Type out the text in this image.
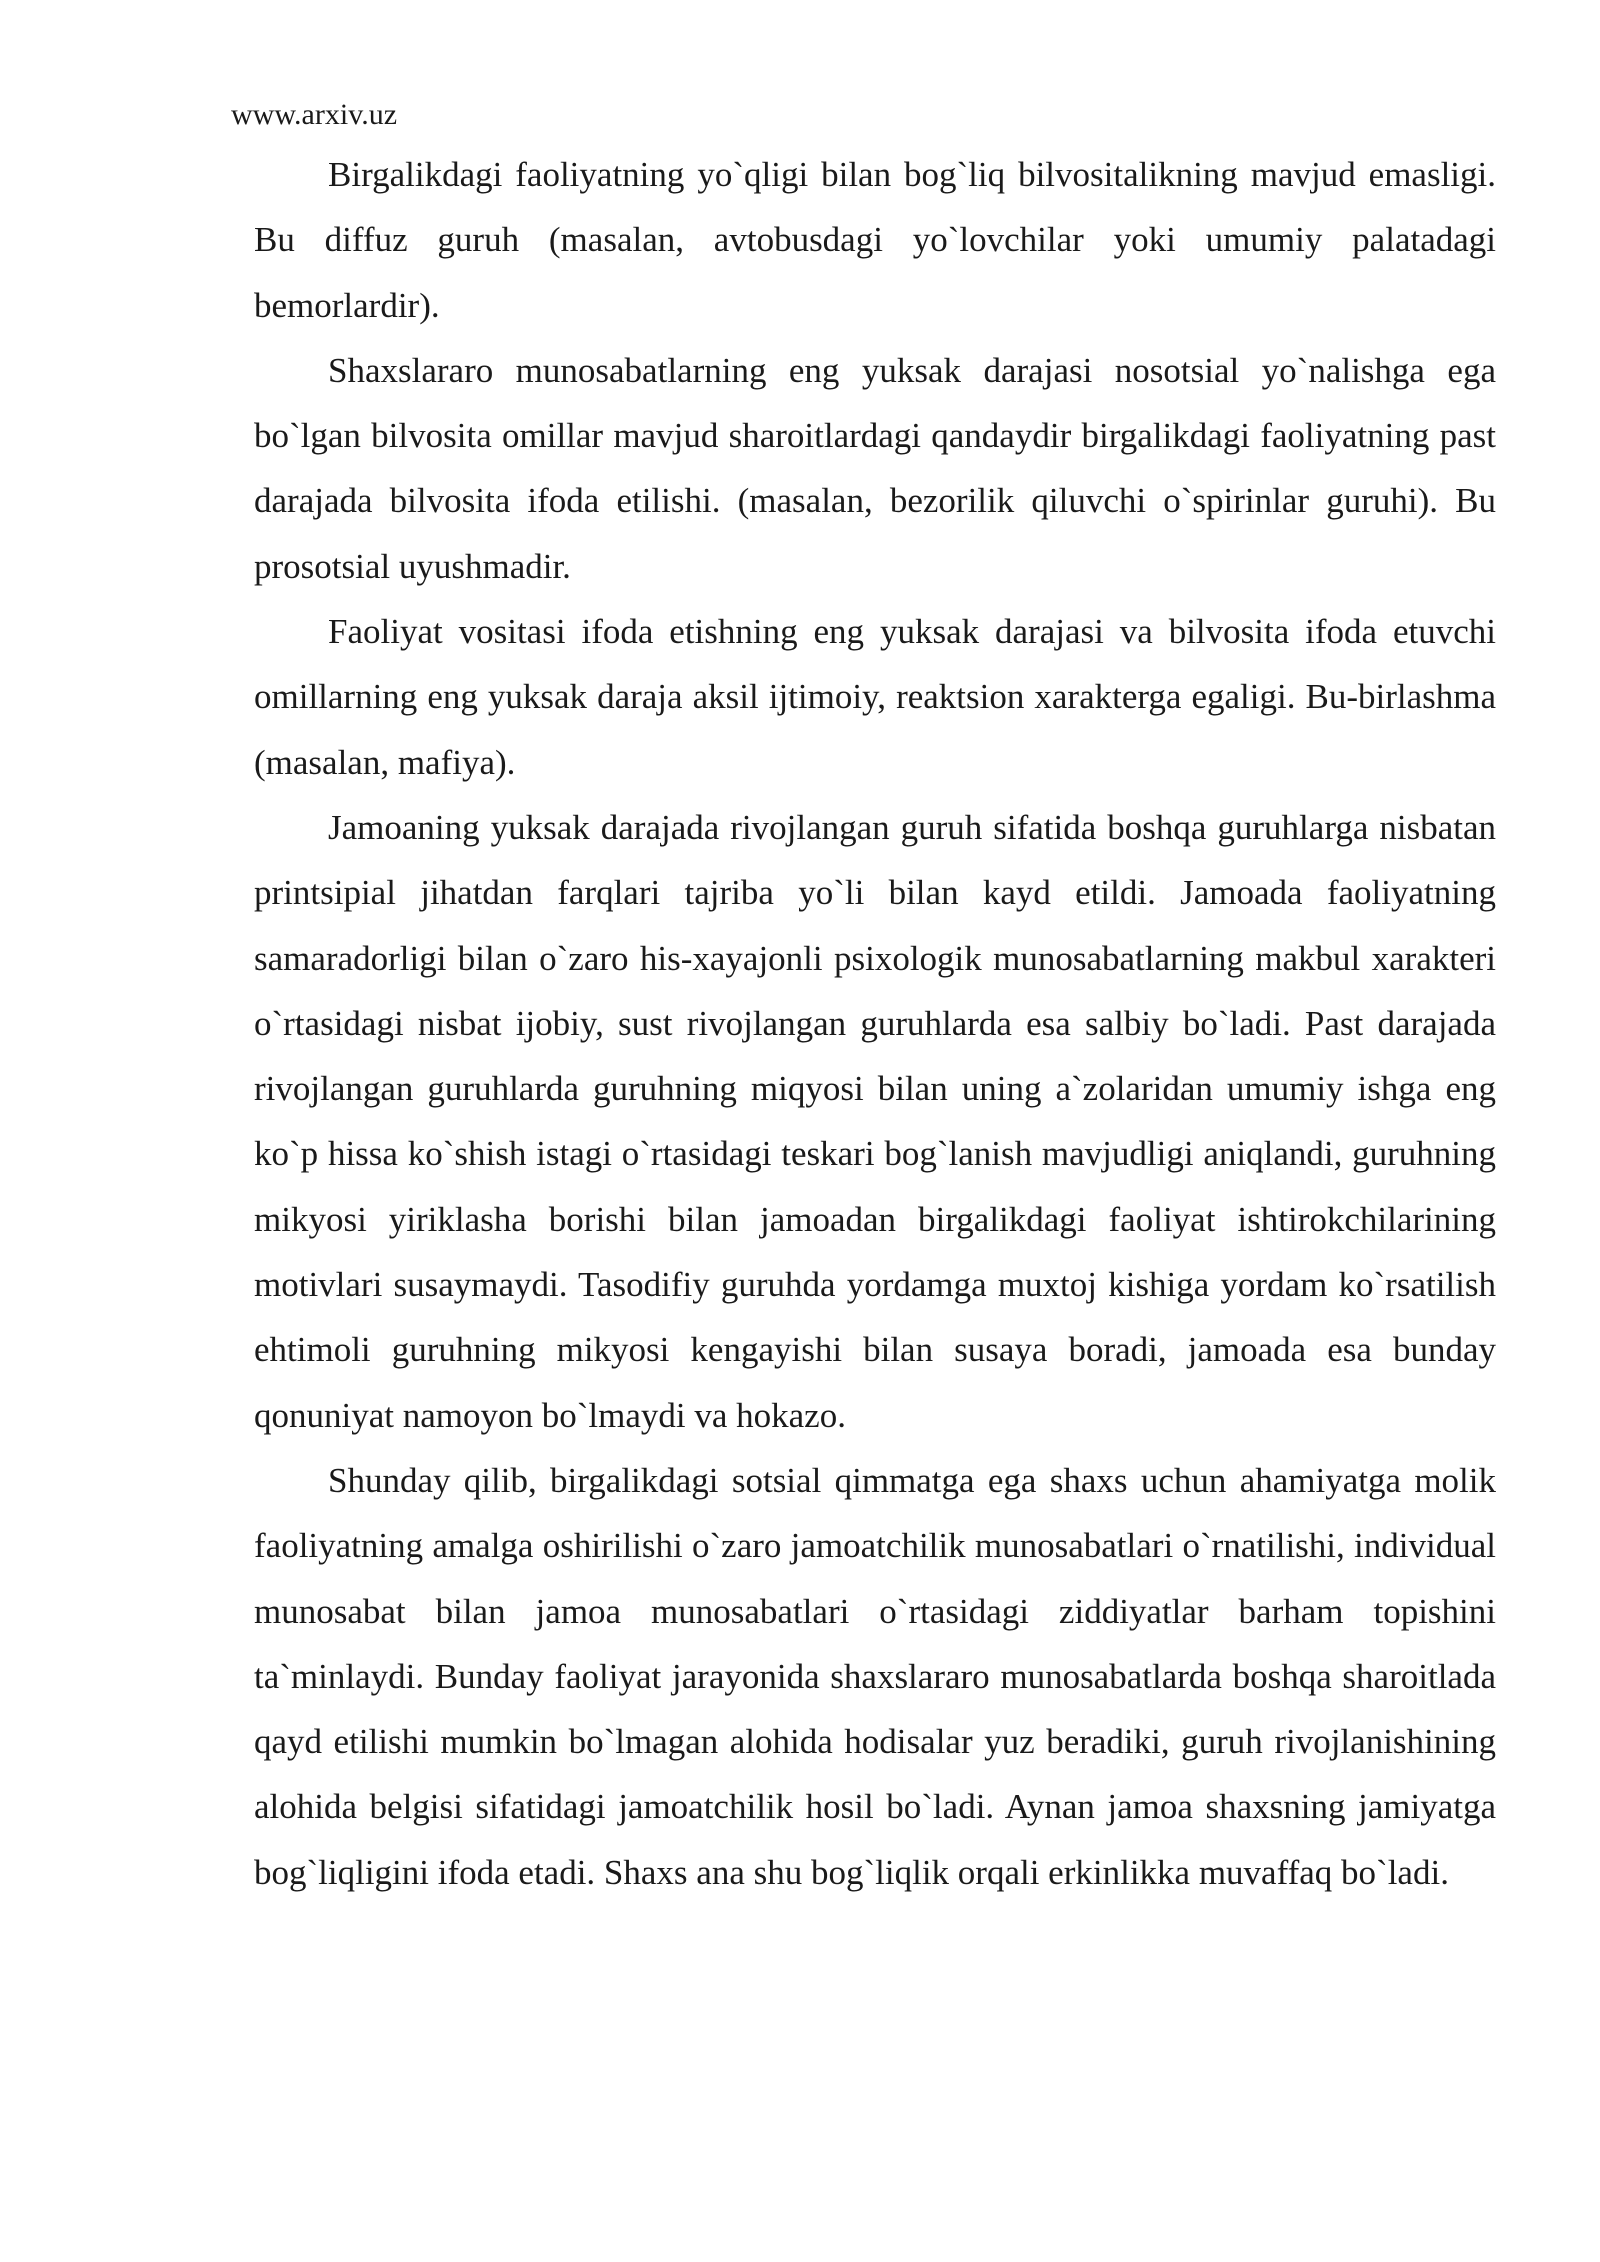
www.arxiv.uz

Birgalikdagi faoliyatning yo`qligi bilan bog`liq bilvositalikning mavjud emasligi. Bu diffuz guruh (masalan, avtobusdagi yo`lovchilar yoki umumiy palatadagi bemorlardir).

Shaxslararo munosabatlarning eng yuksak darajasi nosotsial yo`nalishga ega bo`lgan bilvosita omillar mavjud sharoitlardagi qandaydir birgalikdagi faoliyatning past darajada bilvosita ifoda etilishi. (masalan, bezorilik qiluvchi o`spirinlar guruhi). Bu prosotsial uyushmadir.

Faoliyat vositasi ifoda etishning eng yuksak darajasi va bilvosita ifoda etuvchi omillarning eng yuksak daraja aksil ijtimoiy, reaktsion xarakterga egaligi. Bu-birlashma (masalan, mafiya).

Jamoaning yuksak darajada rivojlangan guruh sifatida boshqa guruhlarga nisbatan printsipial jihatdan farqlari tajriba yo`li bilan kayd etildi. Jamoada faoliyatning samaradorligi bilan o`zaro his-xayajonli psixologik munosabatlarning makbul xarakteri o`rtasidagi nisbat ijobiy, sust rivojlangan guruhlarda esa salbiy bo`ladi. Past darajada rivojlangan guruhlarda guruhning miqyosi bilan uning a`zolaridan umumiy ishga eng ko`p hissa ko`shish istagi o`rtasidagi teskari bog`lanish mavjudligi aniqlandi, guruhning mikyosi yiriklasha borishi bilan jamoadan birgalikdagi faoliyat ishtirokchilarining motivlari susaymaydi. Tasodifiy guruhda yordamga muxtoj kishiga yordam ko`rsatilish ehtimoli guruhning mikyosi kengayishi bilan susaya boradi, jamoada esa bunday qonuniyat namoyon bo`lmaydi va hokazo.

Shunday qilib, birgalikdagi sotsial qimmatga ega shaxs uchun ahamiyatga molik faoliyatning amalga oshirilishi o`zaro jamoatchilik munosabatlari o`rnatilishi, individual munosabat bilan jamoa munosabatlari o`rtasidagi ziddiyatlar barham topishini ta`minlaydi. Bunday faoliyat jarayonida shaxslararo munosabatlarda boshqa sharoitlada qayd etilishi mumkin bo`lmagan alohida hodisalar yuz beradiki, guruh rivojlanishining alohida belgisi sifatidagi jamoatchilik hosil bo`ladi. Aynan jamoa shaxsning jamiyatga bog`liqligini ifoda etadi. Shaxs ana shu bog`liqlik orqali erkinlikka muvaffaq bo`ladi.
